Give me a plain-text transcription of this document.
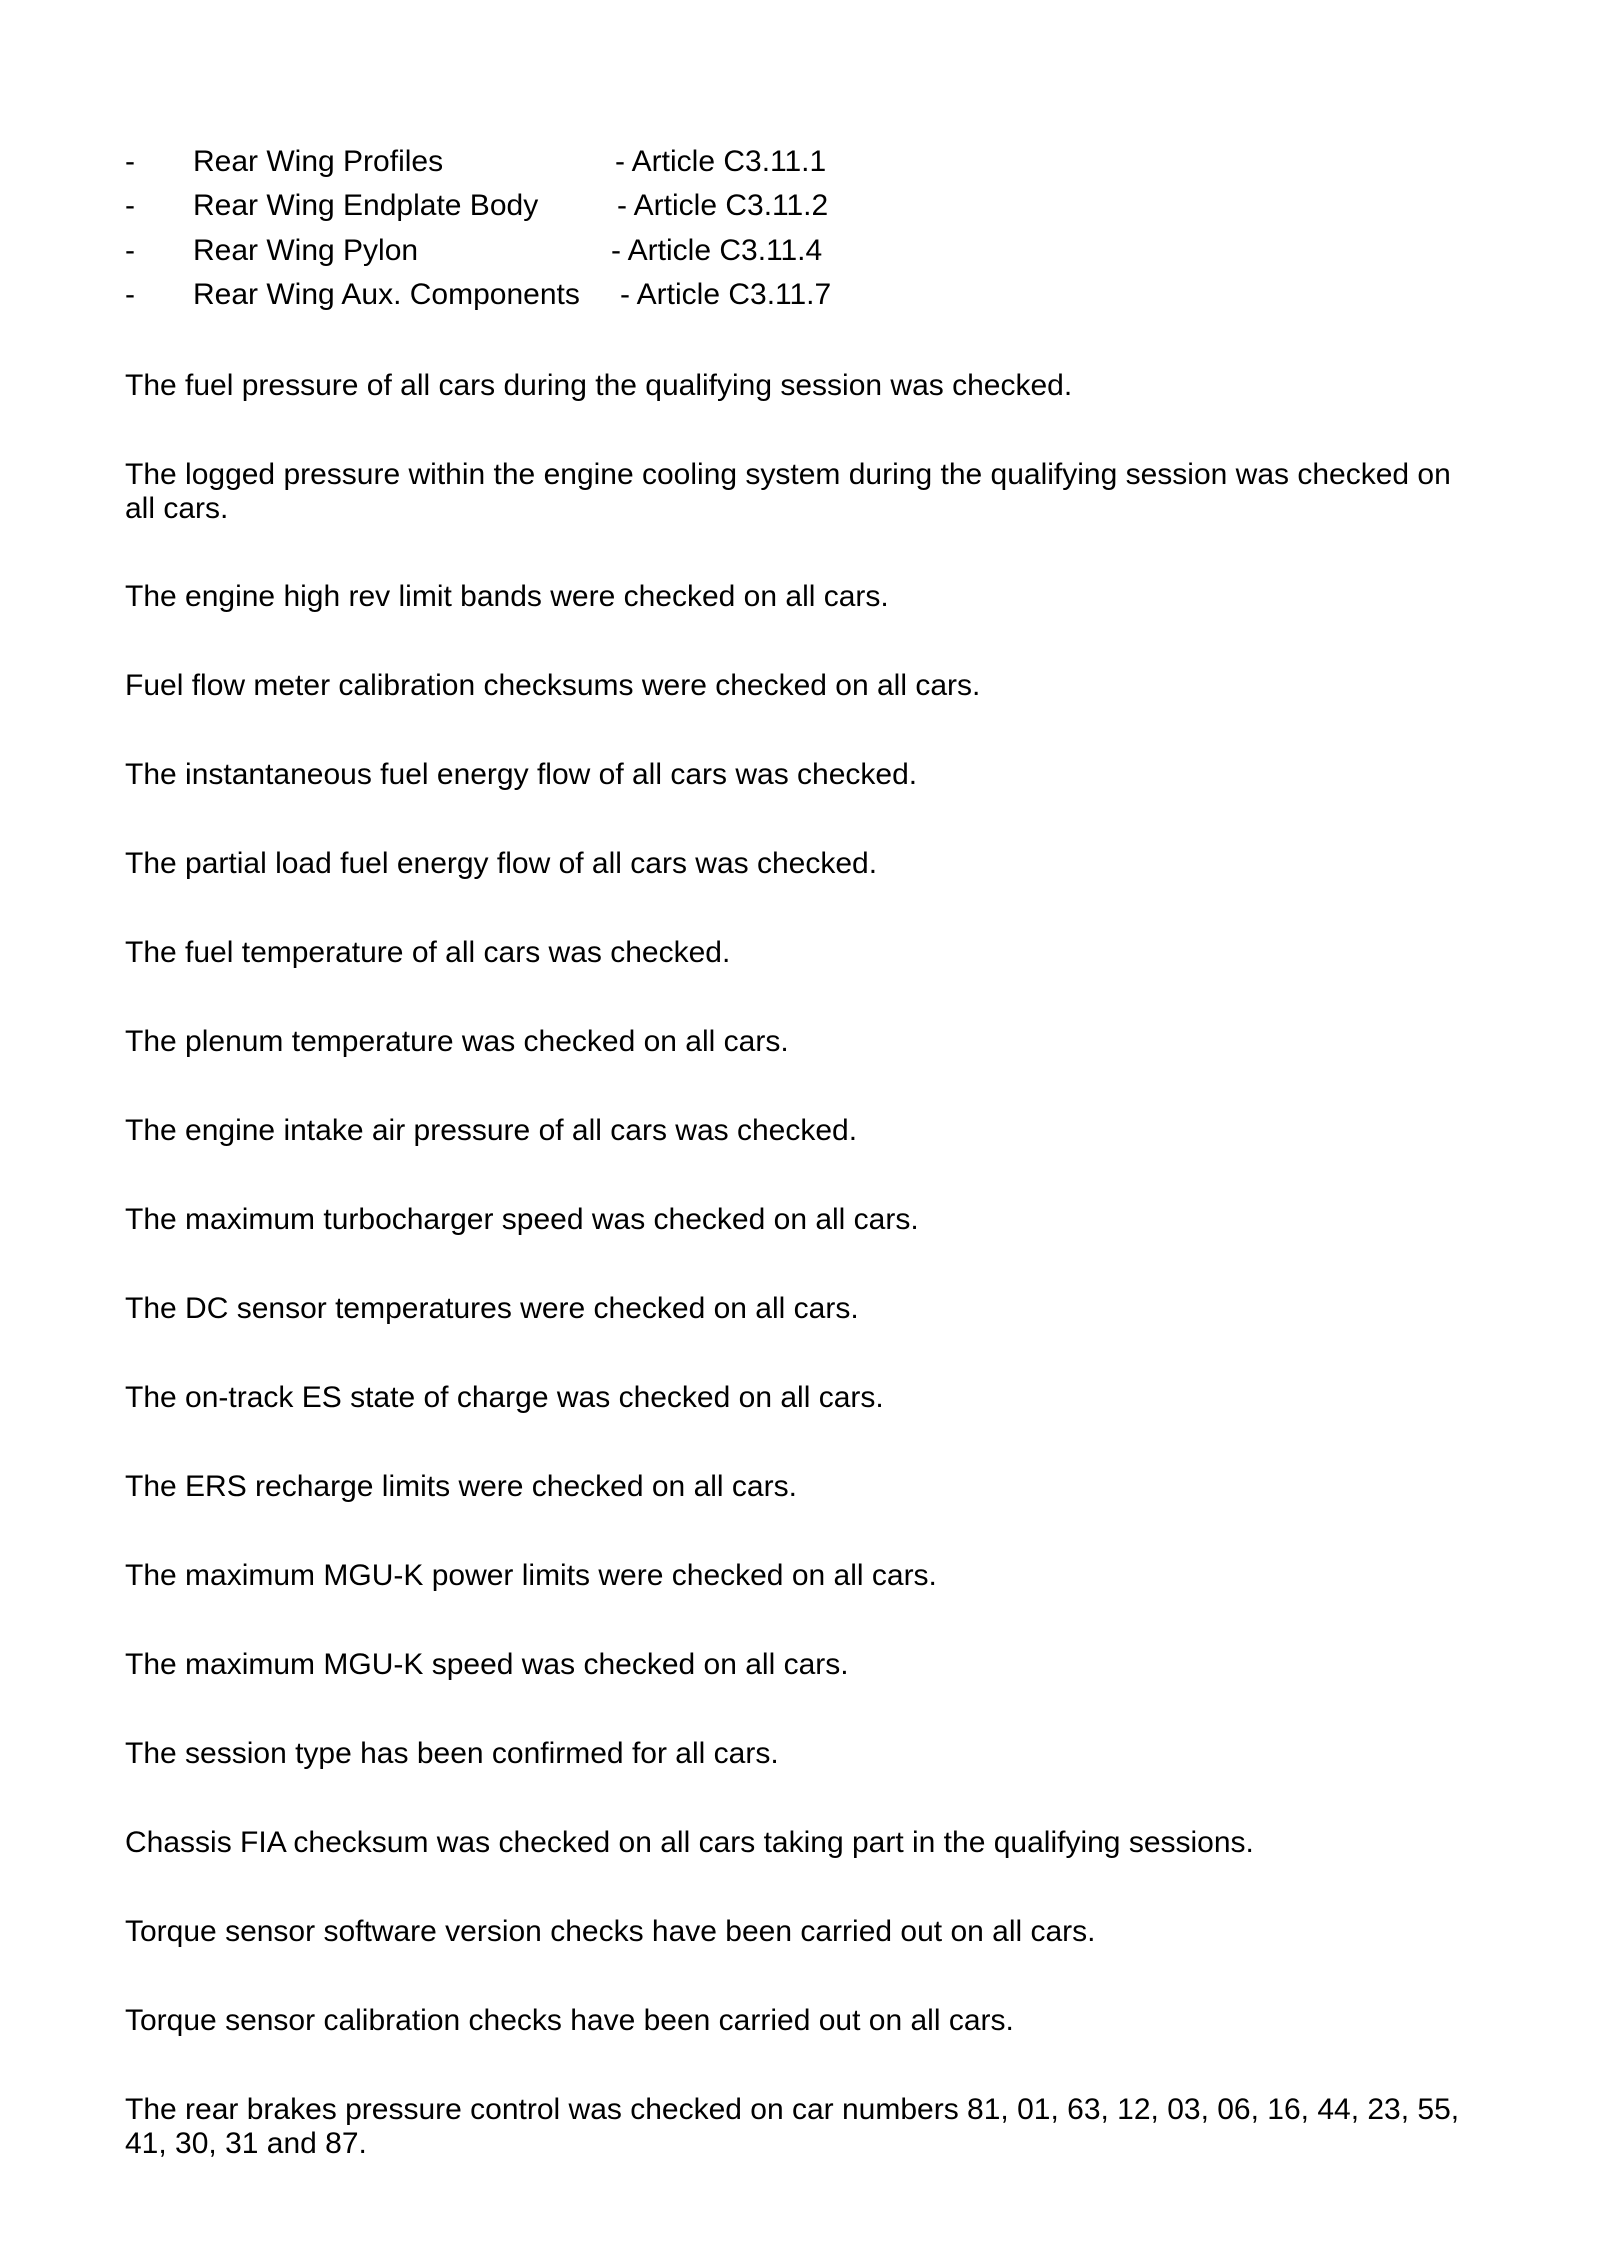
- Rear Wing Profiles	- Article C3.11.1
- Rear Wing Endplate Body	- Article C3.11.2
- Rear Wing Pylon	- Article C3.11.4
- Rear Wing Aux. Components - Article C3.11.7

The fuel pressure of all cars during the qualifying session was checked.

The logged pressure within the engine cooling system during the qualifying session was checked on all cars.

The engine high rev limit bands were checked on all cars.

Fuel flow meter calibration checksums were checked on all cars.

The instantaneous fuel energy flow of all cars was checked.

The partial load fuel energy flow of all cars was checked.

The fuel temperature of all cars was checked.

The plenum temperature was checked on all cars.

The engine intake air pressure of all cars was checked.

The maximum turbocharger speed was checked on all cars.

The DC sensor temperatures were checked on all cars.

The on-track ES state of charge was checked on all cars.

The ERS recharge limits were checked on all cars.

The maximum MGU-K power limits were checked on all cars.

The maximum MGU-K speed was checked on all cars.

The session type has been confirmed for all cars.

Chassis FIA checksum was checked on all cars taking part in the qualifying sessions.

Torque sensor software version checks have been carried out on all cars.

Torque sensor calibration checks have been carried out on all cars.

The rear brakes pressure control was checked on car numbers 81, 01, 63, 12, 03, 06, 16, 44, 23, 55, 41, 30, 31 and 87.
